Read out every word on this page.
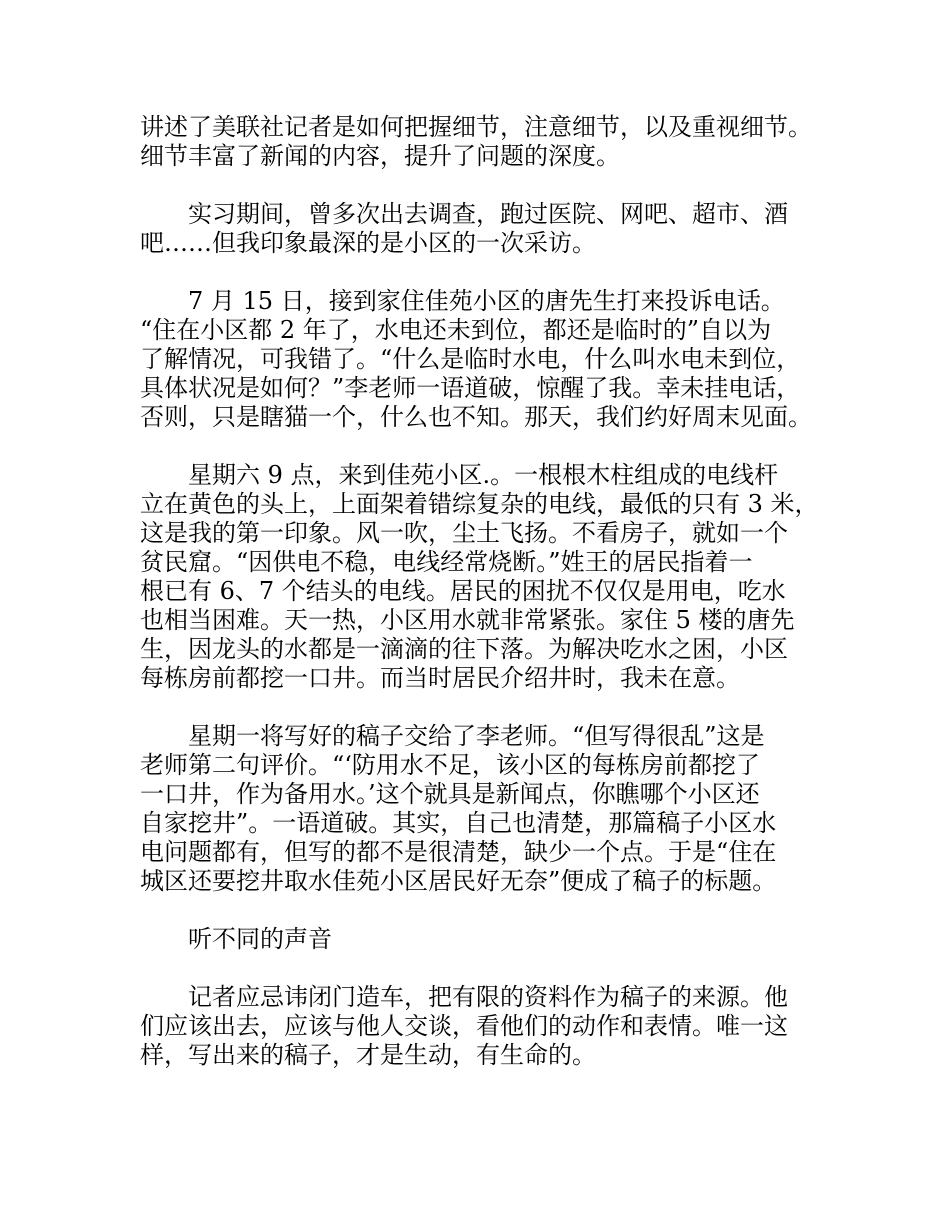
讲述了美联社记者是如何把握细节，注意细节，以及重视细节。
细节丰富了新闻的内容，提升了问题的深度。
　　实习期间，曾多次出去调查，跑过医院、网吧、超市、酒
吧……但我印象最深的是小区的一次采访。
　　7 月 15 日，接到家住佳苑小区的唐先生打来投诉电话。
“住在小区都 2 年了，水电还未到位，都还是临时的”自以为
了解情况，可我错了。“什么是临时水电，什么叫水电未到位，
具体状况是如何？”李老师一语道破，惊醒了我。幸未挂电话，
否则，只是瞎猫一个，什么也不知。那天，我们约好周末见面。
　　星期六 9 点，来到佳苑小区.。一根根木柱组成的电线杆
立在黄色的头上，上面架着错综复杂的电线，最低的只有 3 米，
这是我的第一印象。风一吹，尘土飞扬。不看房子，就如一个
贫民窟。“因供电不稳，电线经常烧断。”姓王的居民指着一
根已有 6、7 个结头的电线。居民的困扰不仅仅是用电，吃水
也相当困难。天一热，小区用水就非常紧张。家住 5 楼的唐先
生，因龙头的水都是一滴滴的往下落。为解决吃水之困，小区
每栋房前都挖一口井。而当时居民介绍井时，我未在意。
　　星期一将写好的稿子交给了李老师。“但写得很乱”这是
老师第二句评价。“‘防用水不足，该小区的每栋房前都挖了
一口井，作为备用水。’这个就具是新闻点，你瞧哪个小区还
自家挖井”。一语道破。其实，自己也清楚，那篇稿子小区水
电问题都有，但写的都不是很清楚，缺少一个点。于是“住在
城区还要挖井取水佳苑小区居民好无奈”便成了稿子的标题。
　　听不同的声音
　　记者应忌讳闭门造车，把有限的资料作为稿子的来源。他
们应该出去，应该与他人交谈，看他们的动作和表情。唯一这
样，写出来的稿子，才是生动，有生命的。
